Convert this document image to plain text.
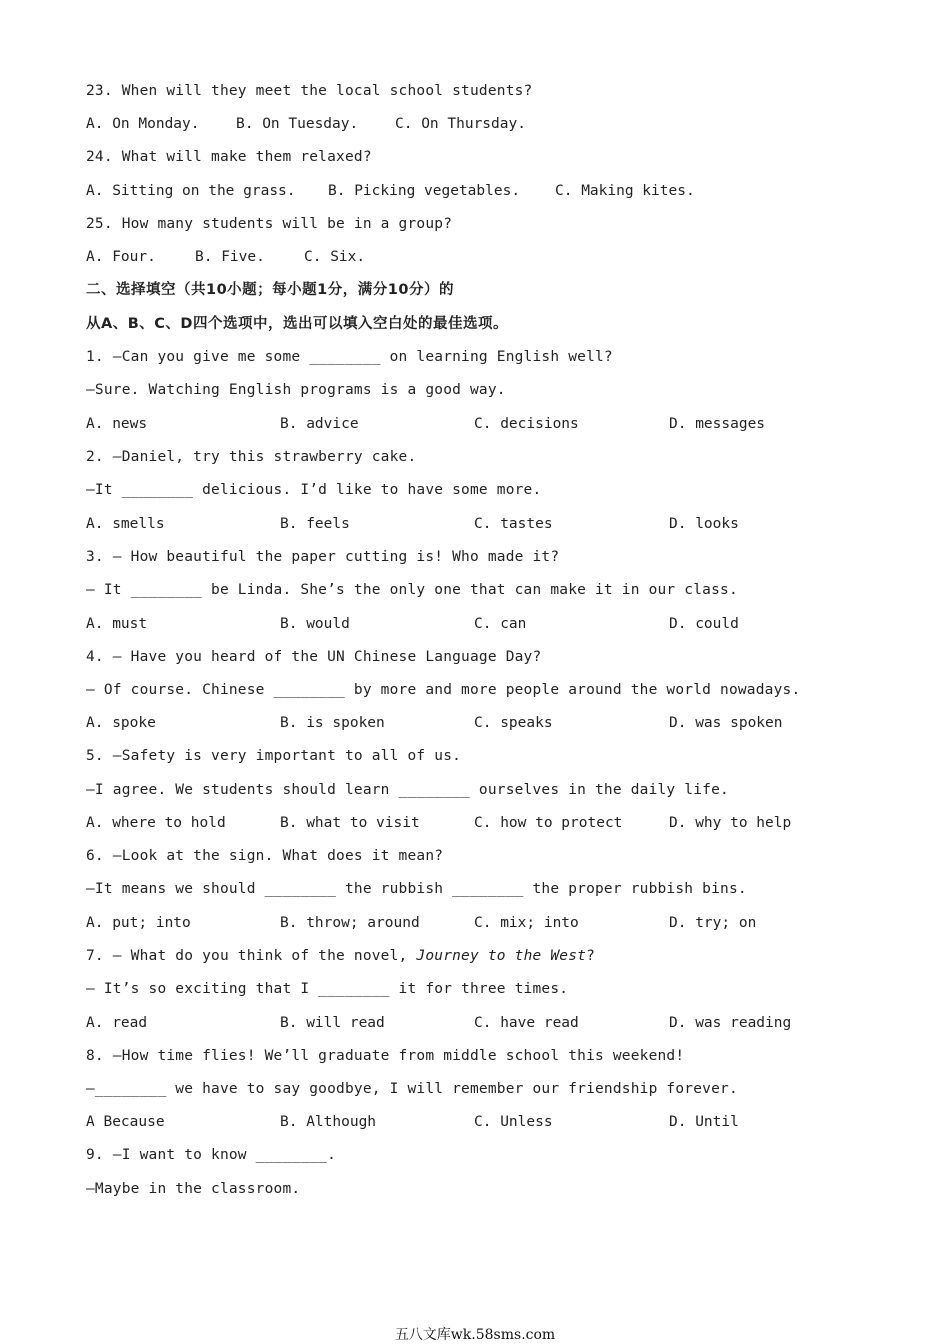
23. When will they meet the local school students?

A. On Monday.

	B. On Tuesday.

	C. On Thursday.

24. What will make them relaxed?

A. Sitting on the grass.

B. Picking vegetables.

C. Making kites.

25. How many students will be in a group?

A. Four.

	B. Five.

	C. Six.

二、选择填空（共10小题；每小题1分，满分10分）的
从A、B、C、D四个选项中，选出可以填入空白处的最佳选项。
1. —Can you give me some ________ on learning English well?
—Sure. Watching English programs is a good way.

A. news

	B. advice

	C. decisions

	D. messages

2. —Daniel, try this strawberry cake.
—It ________ delicious. I’d like to have some more.

A. smells

	B. feels

	C. tastes

	D. looks

3. — How beautiful the paper cutting is! Who made it?
— It ________ be Linda. She’s the only one that can make it in our class.

A. must

	B. would

	C. can

	D. could

4. — Have you heard of the UN Chinese Language Day?
— Of course. Chinese ________ by more and more people around the world nowadays.

A. spoke

	B. is spoken

	C. speaks

	D. was spoken

5. —Safety is very important to all of us.
—I agree. We students should learn ________ ourselves in the daily life.

A. where to hold

	B. what to visit

	C. how to protect

	D. why to help

6. —Look at the sign. What does it mean?
—It means we should ________ the rubbish ________ the proper rubbish bins.

A. put; into

	B. throw; around

	C. mix; into

	D. try; on

7. — What do you think of the novel, Journey to the West?
— It’s so exciting that I ________ it for three times.

A. read

	B. will read

	C. have read

	D. was reading

8. —How time flies! We’ll graduate from middle school this weekend!
—________ we have to say goodbye, I will remember our friendship forever.

A Because

	B. Although

	C. Unless

	D. Until

9. —I want to know ________.
—Maybe in the classroom.
五八文库wk.58sms.com
